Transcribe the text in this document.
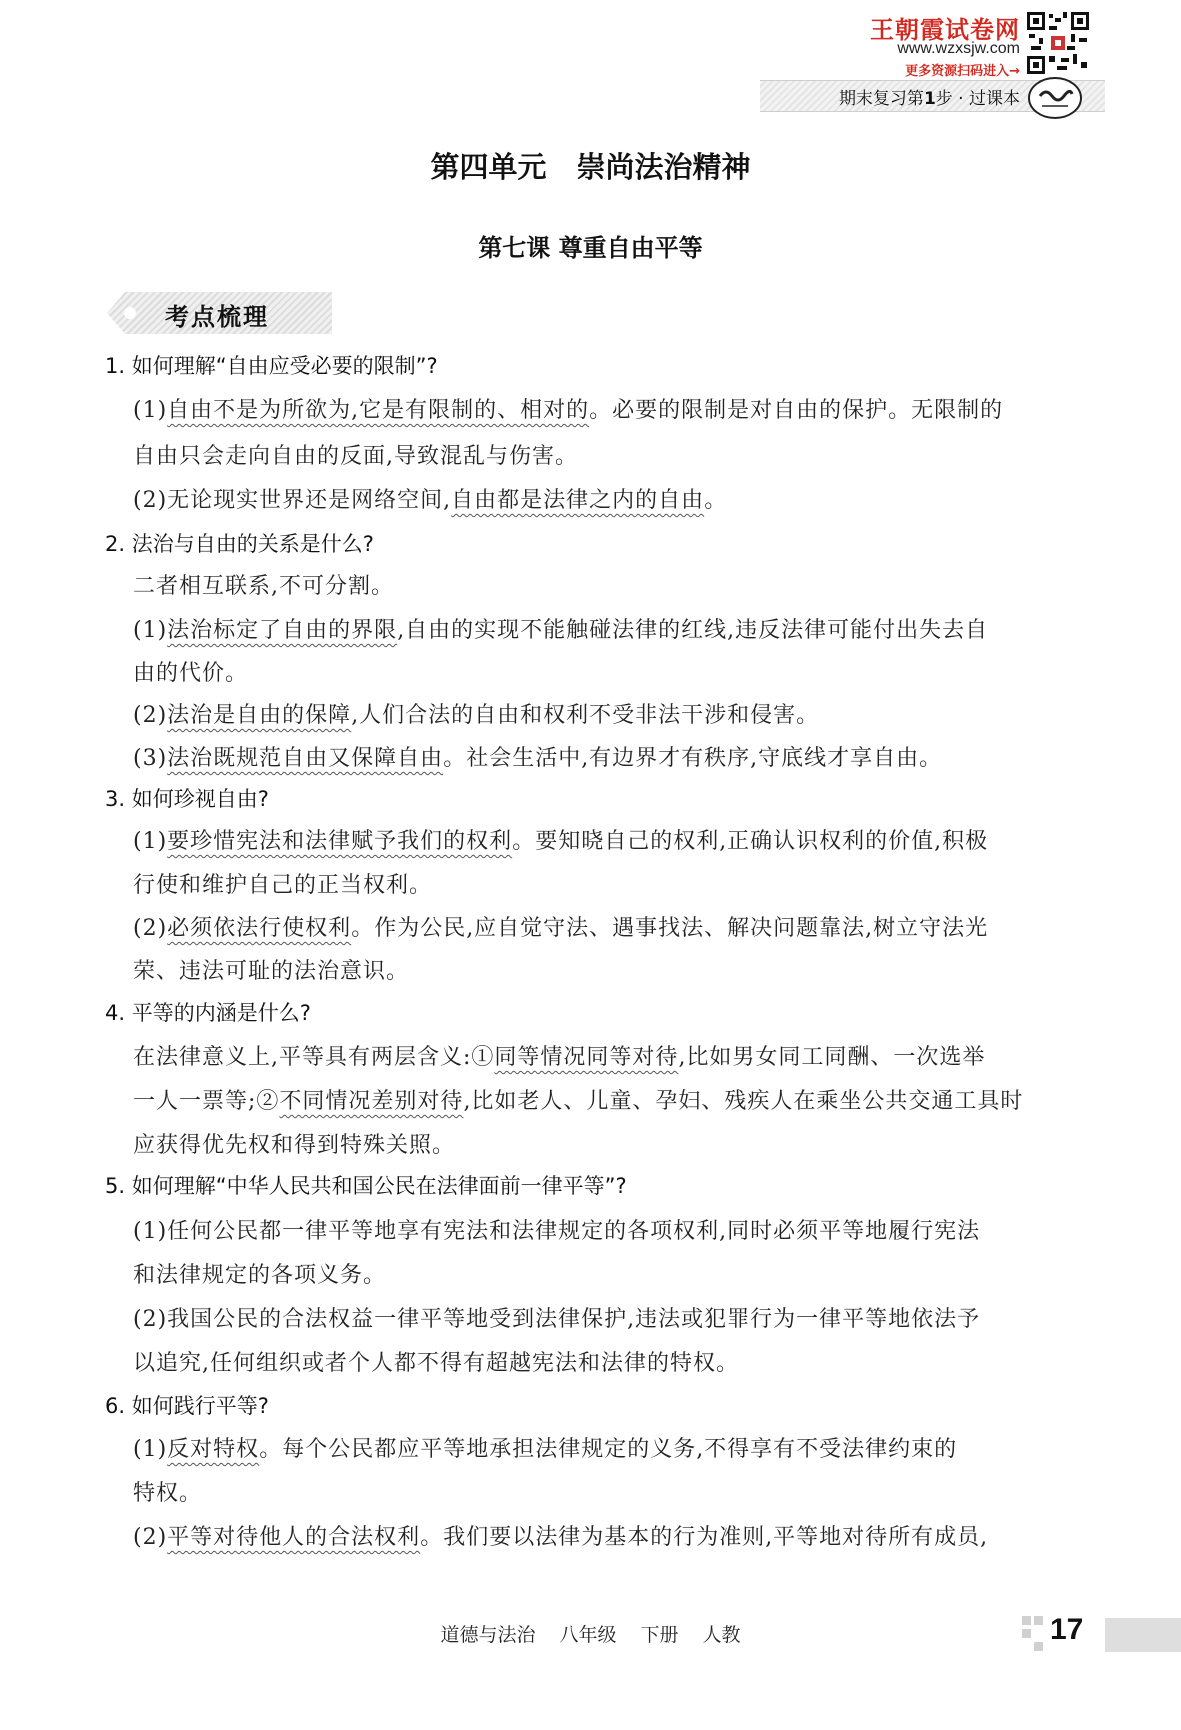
王朝霞试卷网
www.wzxsjw.com
更多资源扫码进入→
期末复习第1步 · 过课本
第四单元 崇尚法治精神
第七课 尊重自由平等
考点梳理
1. 如何理解“自由应受必要的限制”?
(1)自由不是为所欲为,它是有限制的、相对的。必要的限制是对自由的保护。无限制的
自由只会走向自由的反面,导致混乱与伤害。
(2)无论现实世界还是网络空间,自由都是法律之内的自由。
2. 法治与自由的关系是什么?
二者相互联系,不可分割。
(1)法治标定了自由的界限,自由的实现不能触碰法律的红线,违反法律可能付出失去自
由的代价。
(2)法治是自由的保障,人们合法的自由和权利不受非法干涉和侵害。
(3)法治既规范自由又保障自由。社会生活中,有边界才有秩序,守底线才享自由。
3. 如何珍视自由?
(1)要珍惜宪法和法律赋予我们的权利。要知晓自己的权利,正确认识权利的价值,积极
行使和维护自己的正当权利。
(2)必须依法行使权利。作为公民,应自觉守法、遇事找法、解决问题靠法,树立守法光
荣、违法可耻的法治意识。
4. 平等的内涵是什么?
在法律意义上,平等具有两层含义:①同等情况同等对待,比如男女同工同酬、一次选举
一人一票等;②不同情况差别对待,比如老人、儿童、孕妇、残疾人在乘坐公共交通工具时
应获得优先权和得到特殊关照。
5. 如何理解“中华人民共和国公民在法律面前一律平等”?
(1)任何公民都一律平等地享有宪法和法律规定的各项权利,同时必须平等地履行宪法
和法律规定的各项义务。
(2)我国公民的合法权益一律平等地受到法律保护,违法或犯罪行为一律平等地依法予
以追究,任何组织或者个人都不得有超越宪法和法律的特权。
6. 如何践行平等?
(1)反对特权。每个公民都应平等地承担法律规定的义务,不得享有不受法律约束的
特权。
(2)平等对待他人的合法权利。我们要以法律为基本的行为准则,平等地对待所有成员,
道德与法治 八年级 下册 人教	17
